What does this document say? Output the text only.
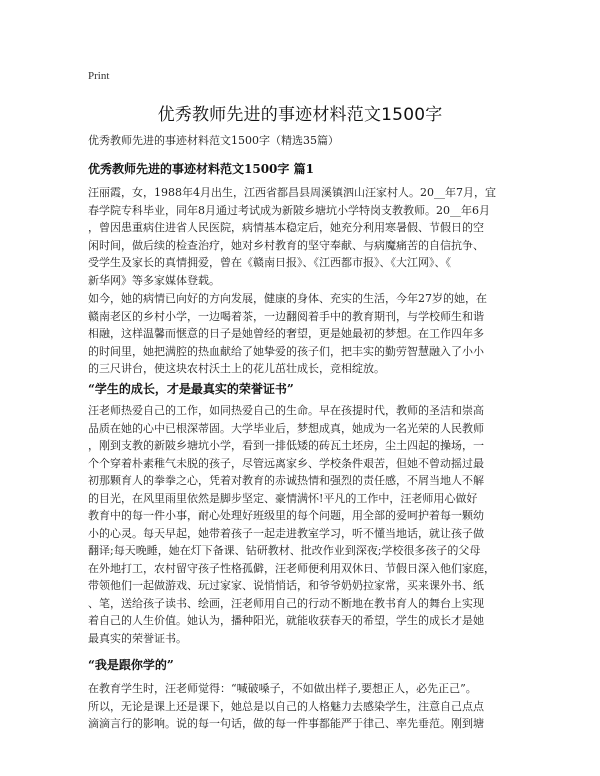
Print
优秀教师先进的事迹材料范文1500字
优秀教师先进的事迹材料范文1500字（精选35篇）
优秀教师先进的事迹材料范文1500字 篇1
汪丽霞，女，1988年4月出生，江西省都昌县周溪镇泗山汪家村人。20__年7月，宜
春学院专科毕业，同年8月通过考试成为新陂乡塘坑小学特岗支教教师。20__年6月
，曾因患重病住进省人民医院，病情基本稳定后，她充分利用寒暑假、节假日的空
闲时间，做后续的检查治疗，她对乡村教育的坚守奉献、与病魔痛苦的自信抗争、
受学生及家长的真情拥爱，曾在《赣南日报》、《江西都市报》、《大江网》、《
新华网》等多家媒体登载。
如今，她的病情已向好的方向发展，健康的身体、充实的生活，今年27岁的她，在
赣南老区的乡村小学，一边喝着茶，一边翻阅着手中的教育期刊，与学校师生和谐
相融，这样温馨而惬意的日子是她曾经的奢望，更是她最初的梦想。在工作四年多
的时间里，她把满腔的热血献给了她挚爱的孩子们，把丰实的勤劳智慧融入了小小
的三尺讲台，使这块农村沃土上的花儿茁壮成长，竞相绽放。
“学生的成长，才是最真实的荣誉证书”
汪老师热爱自己的工作，如同热爱自己的生命。早在孩提时代，教师的圣洁和崇高
品质在她的心中已根深蒂固。大学毕业后，梦想成真，她成为一名光荣的人民教师
，刚到支教的新陂乡塘坑小学，看到一排低矮的砖瓦土坯房，尘土四起的操场，一
个个穿着朴素稚气未脱的孩子，尽管远离家乡、学校条件艰苦，但她不曾动摇过最
初那颗育人的拳拳之心，凭着对教育的赤诚热情和强烈的责任感，不屑当地人不解
的目光，在风里雨里依然是脚步坚定、豪情满怀!平凡的工作中，汪老师用心做好
教育中的每一件小事，耐心处理好班级里的每个问题，用全部的爱呵护着每一颗幼
小的心灵。每天早起，她带着孩子一起走进教室学习，听不懂当地话，就让孩子做
翻译;每天晚睡，她在灯下备课、钻研教材、批改作业到深夜;学校很多孩子的父母
在外地打工，农村留守孩子性格孤僻，汪老师便利用双休日、节假日深入他们家庭，
带领他们一起做游戏、玩过家家、说悄悄话，和爷爷奶奶拉家常，买来课外书、纸
、笔，送给孩子读书、绘画，汪老师用自己的行动不断地在教书育人的舞台上实现
着自己的人生价值。她认为，播种阳光，就能收获春天的希望，学生的成长才是她
最真实的荣誉证书。
“我是跟你学的”
在教育学生时，汪老师觉得：“喊破嗓子，不如做出样子,要想正人，必先正己”。
所以，无论是课上还是课下，她总是以自己的人格魅力去感染学生，注意自己点点
滴滴言行的影响。说的每一句话，做的每一件事都能严于律己、率先垂范。刚到塘
